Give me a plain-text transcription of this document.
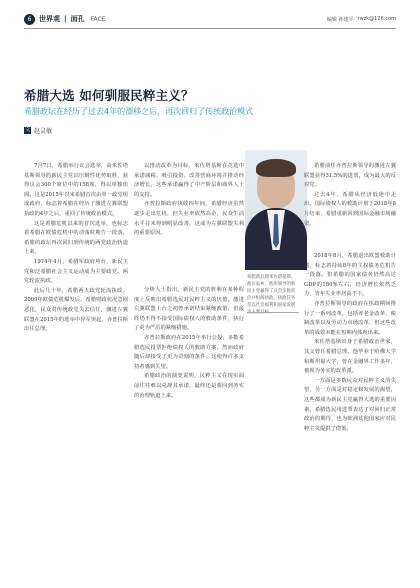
6	世界观 | 面孔 FACE	编辑 孙建平 rwzk@126.com
希腊大选 如何驯服民粹主义？
希腊政坛在经历了过去4年的漂移之后，再次回归了传统政治模式
文 赵灵敏

7月7日，希腊举行议会选举，由米佐塔基斯领导的新民主党以压倒性优势取胜，获得议会300个席位中的158席，得以单独组阁。这是2015年以来希腊首次由单一政党组成政府，标志着希腊在经历了激进左翼联盟执政的4年之后，重回了传统政治模式。

这是希腊危机以来的首次选举，也标志着希腊在欧债危机中的动荡时期告一段落，希腊的政坛再次回归到传统的两党政治轨道上来。

1974年4月，希腊军政府垮台，新民主党和泛希腊社会主义运动成为主要政党，两党轮流执政。

此后几十年，希腊两大政党轮流执政。2009年欧债危机爆发后，希腊财政状况急剧恶化，民众对传统政党失去信任，激进左翼联盟在2015年的选举中异军突起，齐普拉斯出任总理。

以推动改革为目标，米佐塔基斯在竞选中承诺减税、吸引投资、改善营商环境并推动经济增长，这些承诺赢得了中产阶层和商界人士的支持。

齐普拉斯政府执政四年间，希腊经济虽然逐步走出危机，但失业率依然高企，民众生活水平并未得到明显改善，这成为左翼联盟失利的重要原因。

分析人士指出，新民主党的胜利在某种程度上反映出希腊选民对民粹主义的厌倦。激进左翼联盟上台之初曾承诺结束紧缩政策，但最终仍不得不接受国际债权人的救助条件，执行了更为严厉的紧缩措施。

齐普拉斯政府在2015年举行公投，多数希腊选民投票拒绝债权人的救助方案，然而政府随后却接受了更为苛刻的条件，这使得许多支持者感到失望。

希腊政治的演变说明，民粹主义在现实面前往往难以兑现其承诺，最终还是要回到务实的治理轨道上来。

希腊新总理米佐塔基斯，他在家乡，他所领导的新民主党赢得了议会多数席位并组阁执政，执政任务是以社会福利和国家发展为主要目标。

希腊前任齐普拉斯领导的激进左翼联盟获得31.5%的选票，成为最大的反对党。

过去4年，希腊从经济低迷中走出，国际债权人的救助计划于2018年8月结束，希腊重新回到国际金融市场融资。

2018年8月，希腊退出欧盟救助计划，标志着持续8年的主权债务危机告一段落。但希腊的国家债务仍然高达GDP的180%左右，经济增长依然乏力，青年失业率居高不下。

齐普拉斯领导的政府在执政期间推行了一系列改革，包括养老金改革、税制改革以及劳动力市场改革，但这些改革的成效未能在短期内体现出来。

米佐塔基斯出身于希腊政治世家，其父曾任希腊总理。他毕业于哈佛大学和斯坦福大学，曾在金融界工作多年，被视为务实的改革派。

一方面是多数民众对民粹主义的失望，另一方面是对稳定和发展的渴望，这些都成为新民主党赢得大选的重要因素。希腊选民用选票表达了对回归正常政治的期待，也为欧洲其他国家应对民粹主义提供了借鉴。
